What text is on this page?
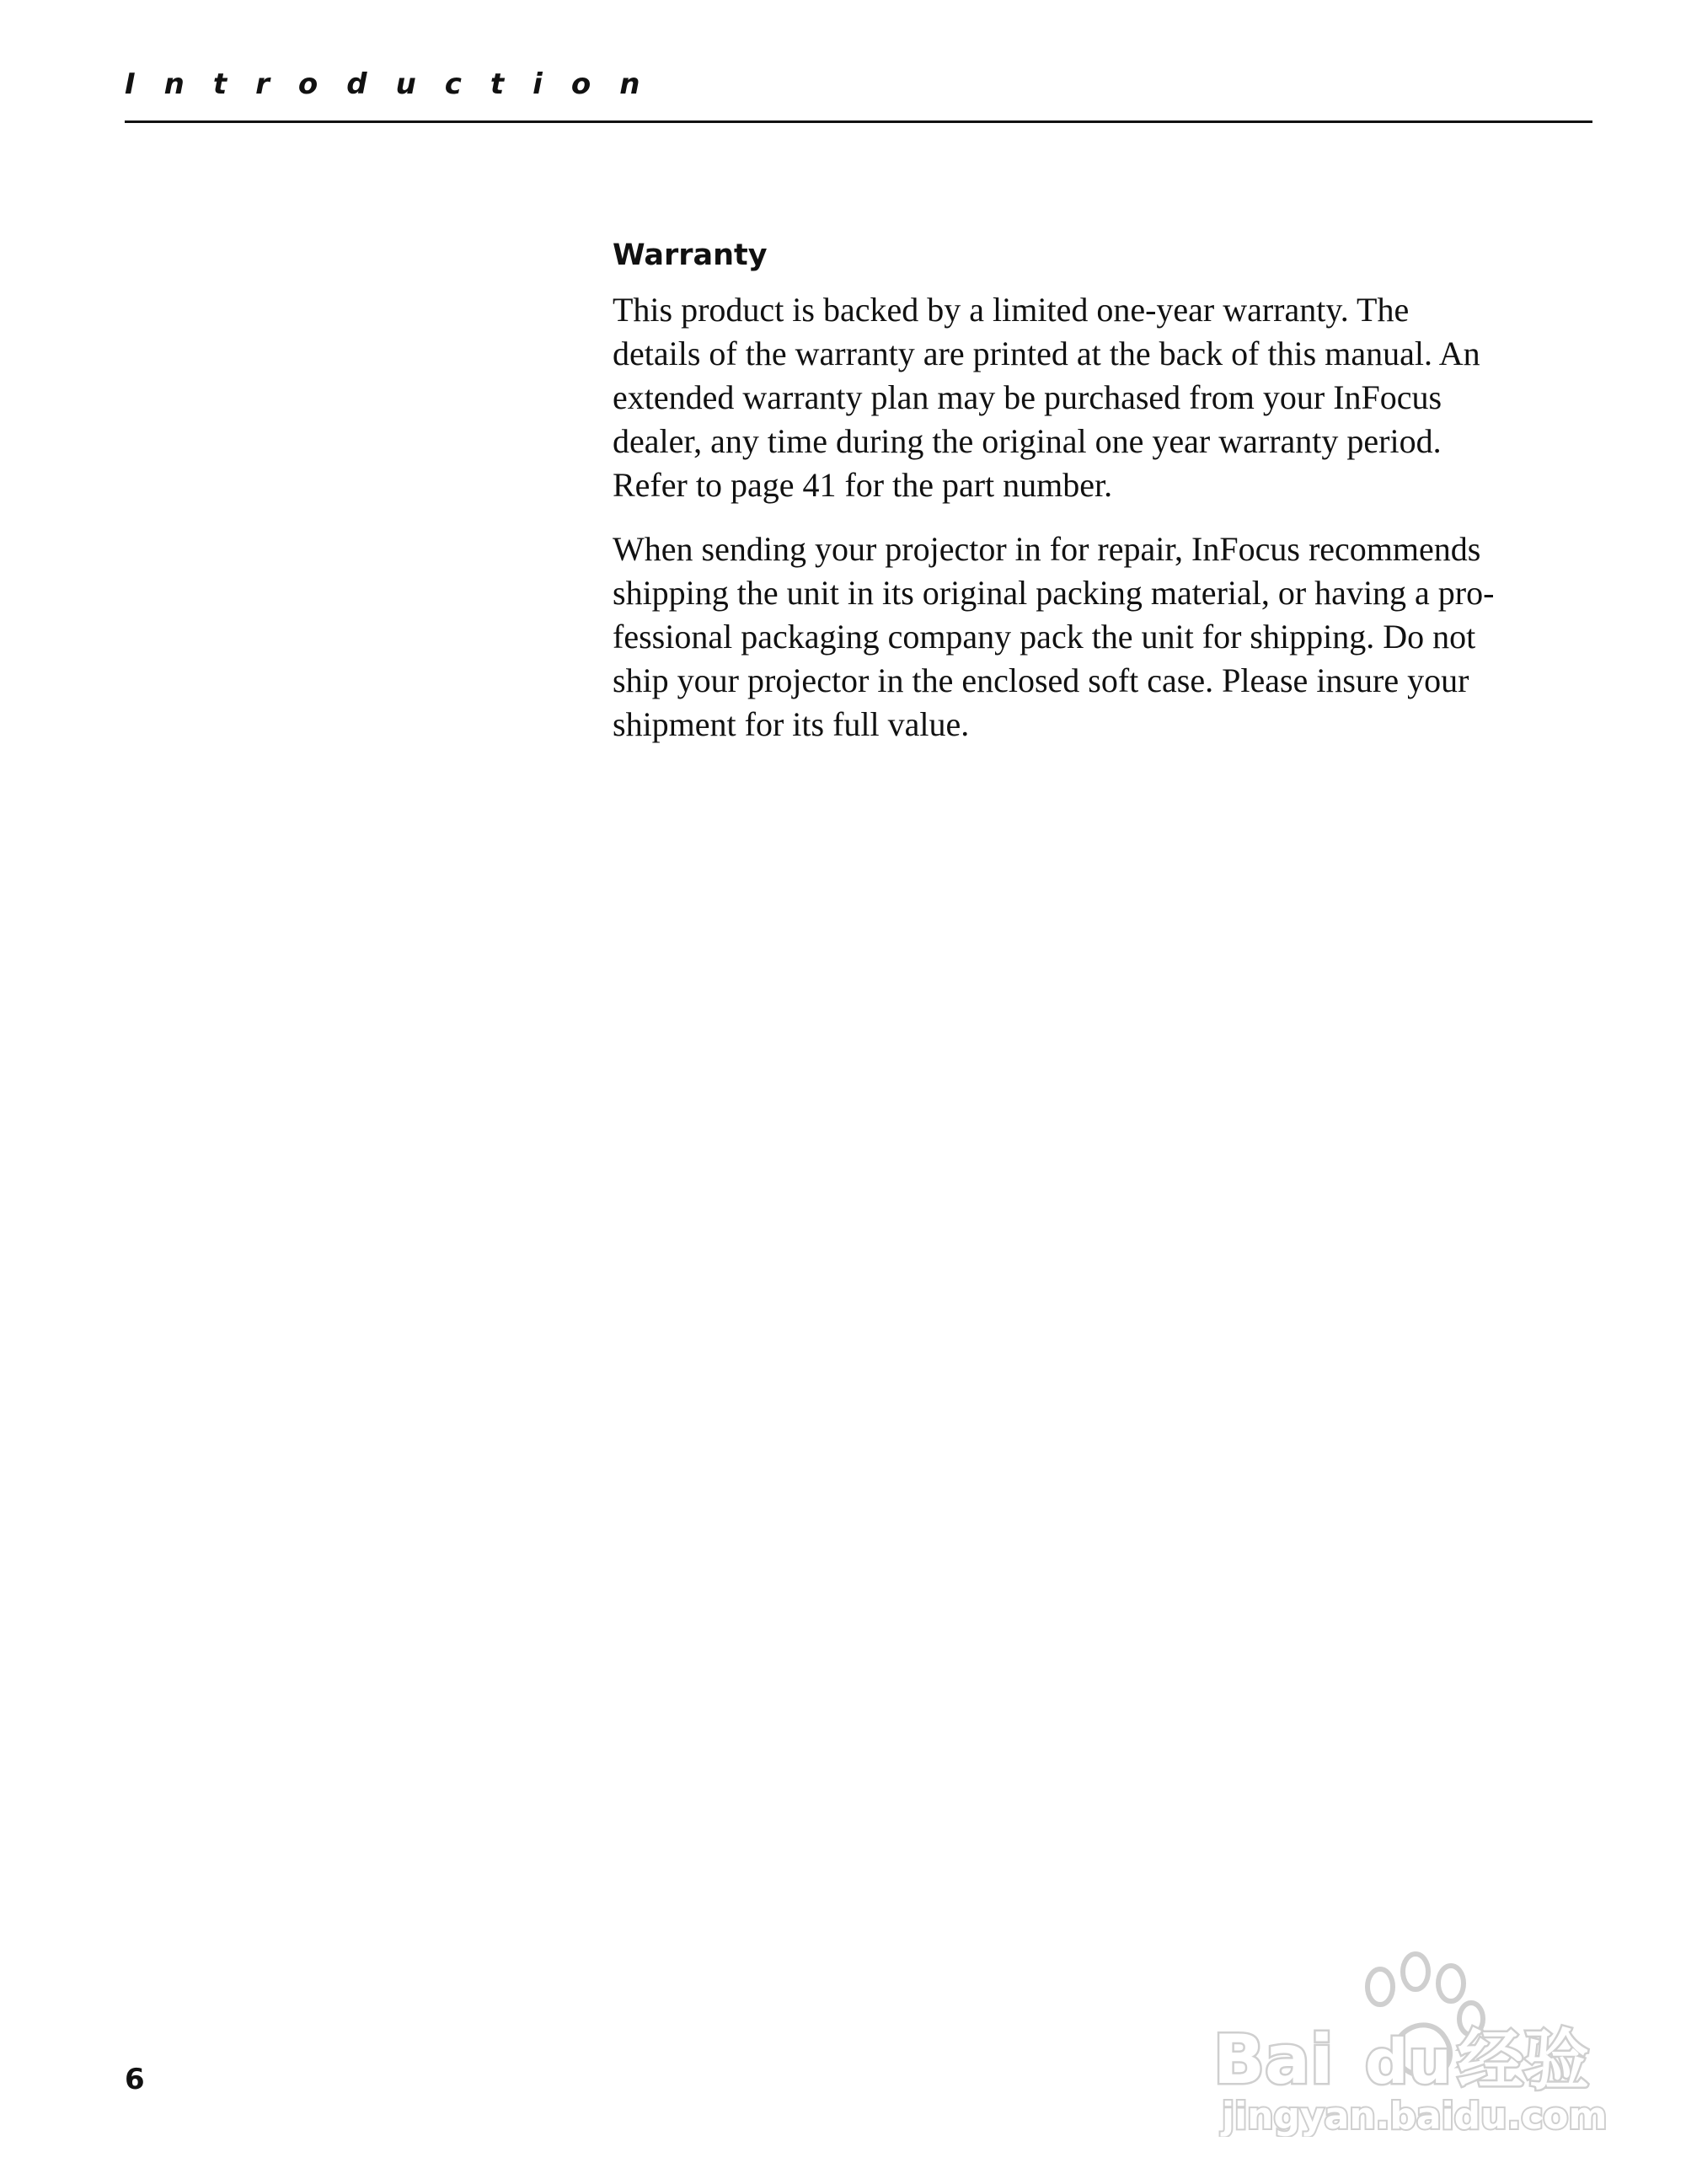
Introduction
Warranty

This product is backed by a limited one-year warranty. The
details of the warranty are printed at the back of this manual. An
extended warranty plan may be purchased from your InFocus
dealer, any time during the original one year warranty period.
Refer to page 41 for the part number.

When sending your projector in for repair, InFocus recommends
shipping the unit in its original packing material, or having a pro-
fessional packaging company pack the unit for shipping. Do not
ship your projector in the enclosed soft case. Please insure your
shipment for its full value.

6	Bai du 经验
jingyan.baidu.com
